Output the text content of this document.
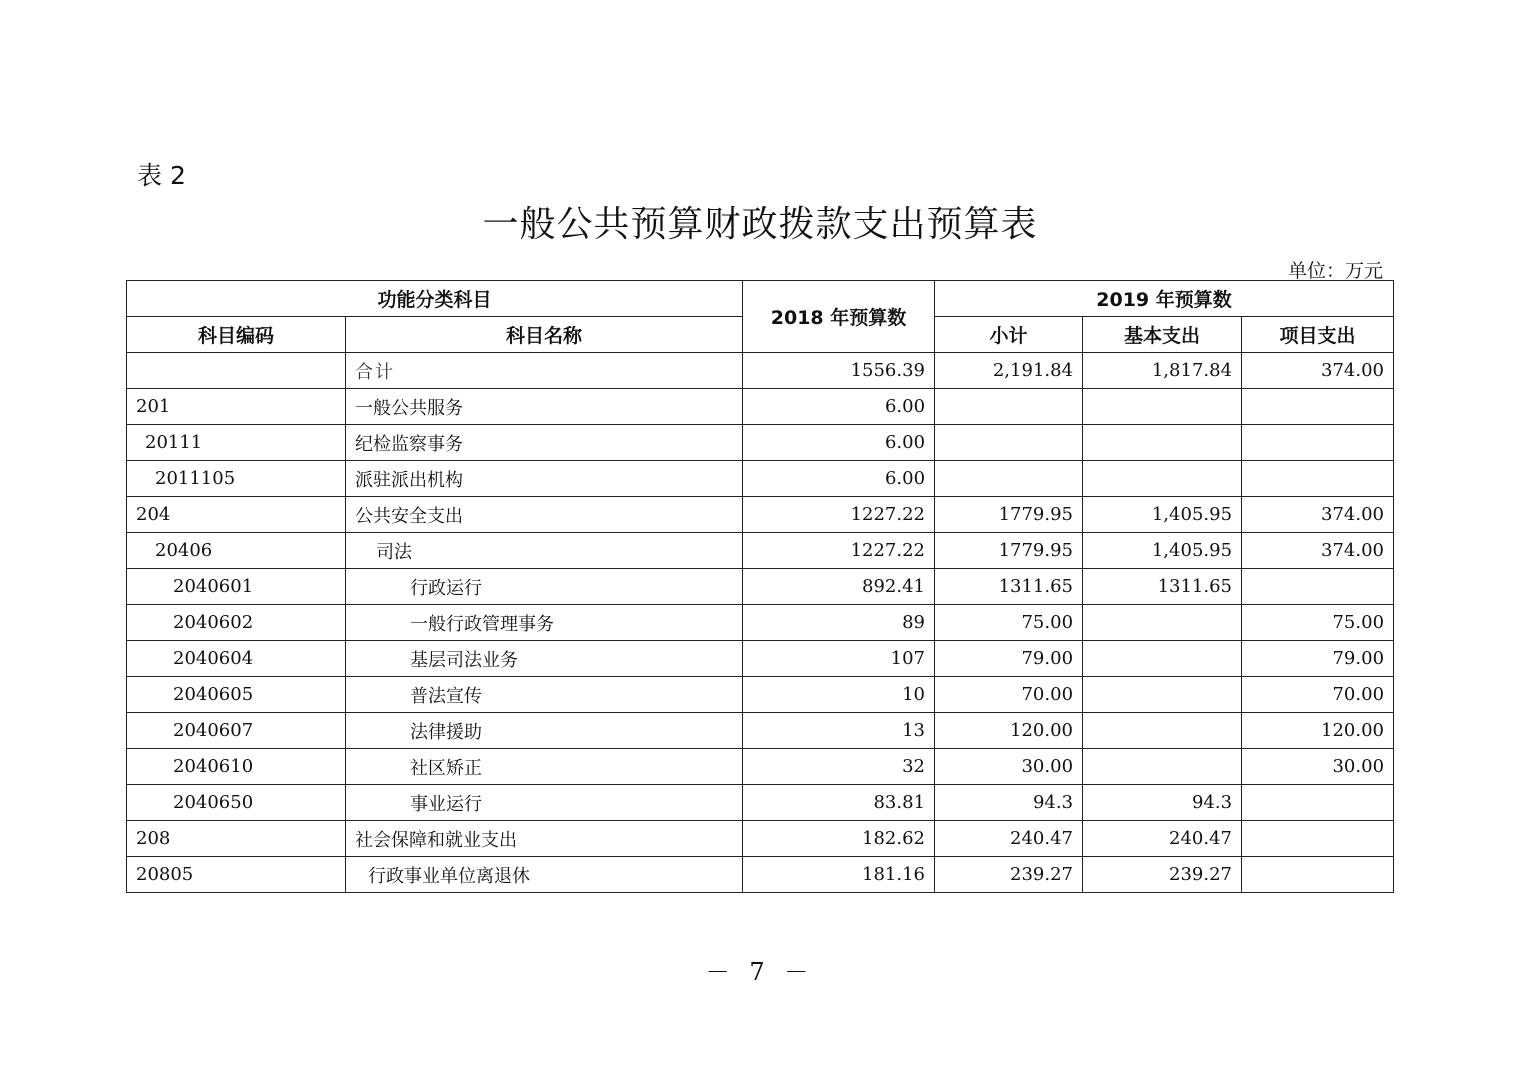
表 2
一般公共预算财政拨款支出预算表
单位：万元
功能分类科目		2018 年预算数	2019 年预算数		
科目编码	科目名称		小计	基本支出	项目支出
	合计	1556.39	2,191.84	1,817.84	374.00
201	一般公共服务	6.00			
20111	纪检监察事务	6.00			
2011105	派驻派出机构	6.00			
204	公共安全支出	1227.22	1779.95	1,405.95	374.00
20406	司法	1227.22	1779.95	1,405.95	374.00
2040601	行政运行	892.41	1311.65	1311.65	
2040602	一般行政管理事务	89	75.00		75.00
2040604	基层司法业务	107	79.00		79.00
2040605	普法宣传	10	70.00		70.00
2040607	法律援助	13	120.00		120.00
2040610	社区矫正	32	30.00		30.00
2040650	事业运行	83.81	94.3	94.3	
208	社会保障和就业支出	182.62	240.47	240.47	
20805	行政事业单位离退休	181.16	239.27	239.27	
－ 7 －
